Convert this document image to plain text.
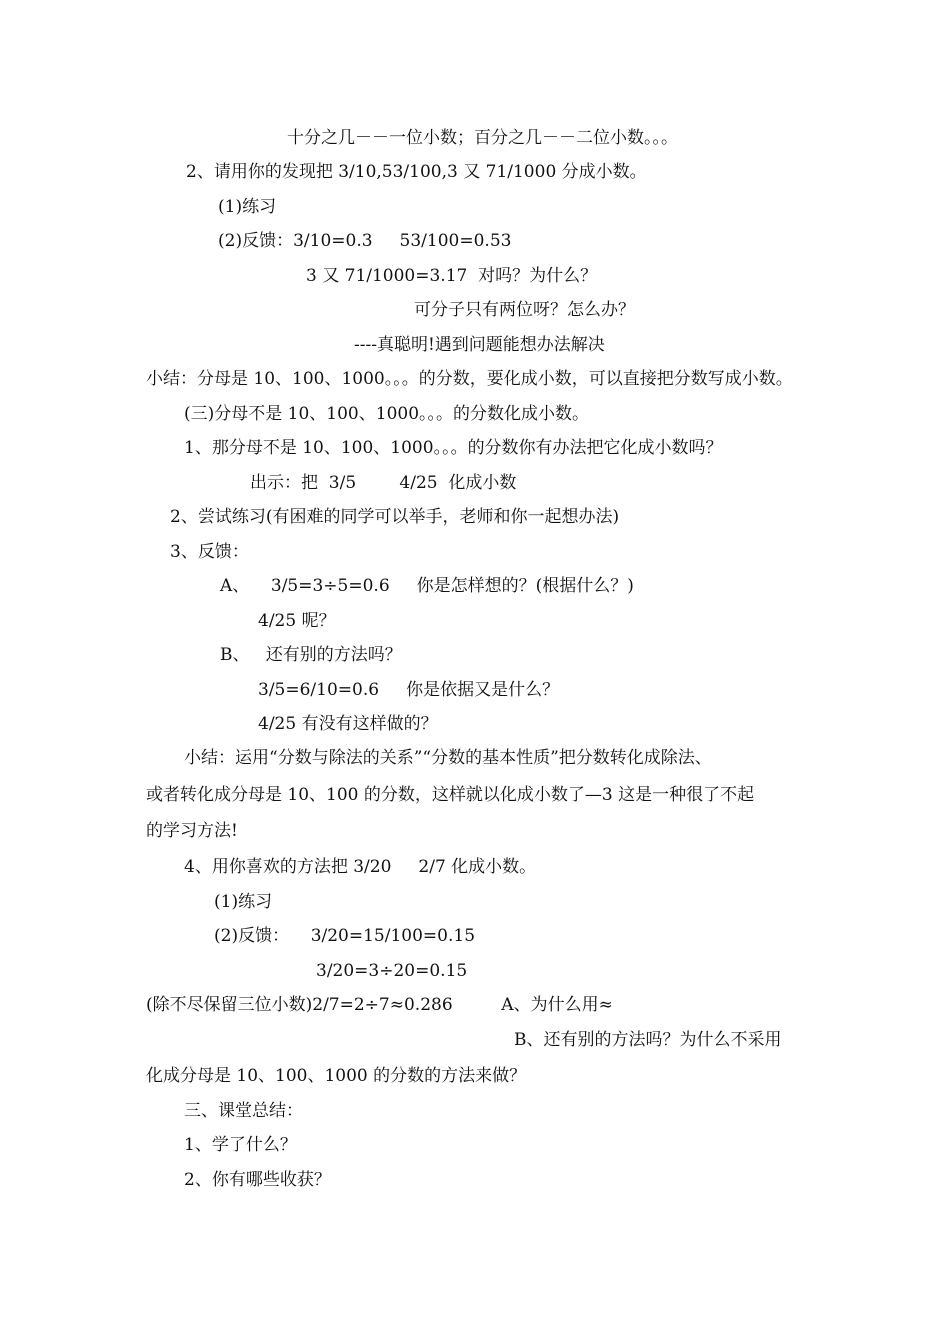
十分之几－－一位小数；百分之几－－二位小数。。。
2、请用你的发现把 3/10,53/100,3 又 71/1000 分成小数。
(1)练习
(2)反馈：3/10=0.3     53/100=0.53
3 又 71/1000=3.17  对吗？为什么？
可分子只有两位呀？怎么办？
----真聪明!遇到问题能想办法解决
小结：分母是 10、100、1000。。。的分数，要化成小数，可以直接把分数写成小数。
(三)分母不是 10、100、1000。。。的分数化成小数。
1、那分母不是 10、100、1000。。。的分数你有办法把它化成小数吗？
出示：把  3/5        4/25  化成小数
2、尝试练习(有困难的同学可以举手，老师和你一起想办法)
3、反馈：
A、    3/5=3÷5=0.6     你是怎样想的？(根据什么？)
4/25 呢？
B、   还有别的方法吗？
3/5=6/10=0.6     你是依据又是什么？
4/25 有没有这样做的？
小结：运用“分数与除法的关系”“分数的基本性质”把分数转化成除法、
或者转化成分母是 10、100 的分数，这样就以化成小数了—3 这是一种很了不起
的学习方法!
4、用你喜欢的方法把 3/20     2/7 化成小数。
(1)练习
(2)反馈：    3/20=15/100=0.15
3/20=3÷20=0.15
(除不尽保留三位小数)2/7=2÷7≈0.286         A、为什么用≈
B、还有别的方法吗？为什么不采用
化成分母是 10、100、1000 的分数的方法来做？
三、课堂总结：
1、学了什么？
2、你有哪些收获？
